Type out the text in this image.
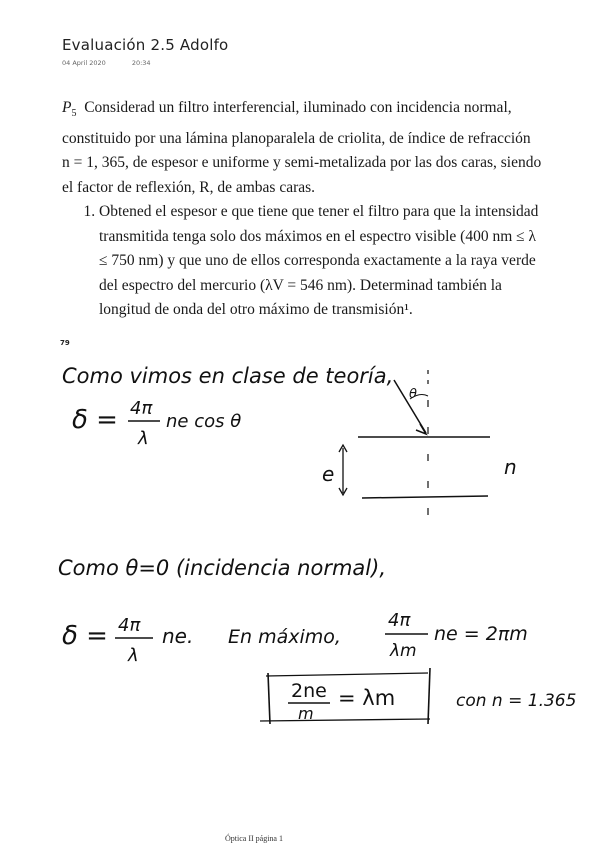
Evaluación 2.5 Adolfo
04 April 2020	20:34

$P_5$ Considerad un filtro interferencial, iluminado con incidencia normal, constituido por una lámina planoparalela de criolita, de índice de refracción n = 1, 365, de espesor e uniforme y semi-metalizada por las dos caras, siendo el factor de reflexión, R, de ambas caras.

1. Obtened el espesor e que tiene que tener el filtro para que la intensidad transmitida tenga solo dos máximos en el espectro visible (400 nm ≤ λ ≤ 750 nm) y que uno de ellos corresponda exactamente a la raya verde del espectro del mercurio (λV = 546 nm). Determinad también la longitud de onda del otro máximo de transmisión¹.
79
Como vimos en clase de teoría,
δ = 4π
λ
ne cos θ
θ
e	n
Como θ=0 (incidencia normal),
δ = 4π
λ
ne. En máximo,
4π
λm
ne = 2πm
2ne
m
= λm	con n = 1.365
Óptica II página 1
